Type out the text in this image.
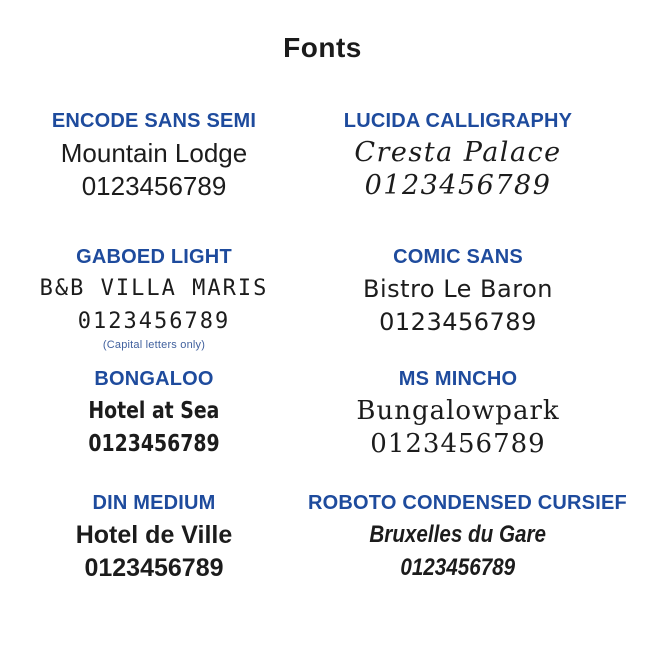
Fonts
ENCODE SANS SEMI
Mountain Lodge
0123456789
LUCIDA CALLIGRAPHY
Cresta Palace
0123456789
GABOED LIGHT
B&B VILLA MARIS
0123456789
(Capital letters only)
COMIC SANS
Bistro Le Baron
0123456789
BONGALOO
Hotel at Sea
0123456789
MS MINCHO
Bungalowpark
0123456789
DIN MEDIUM
Hotel de Ville
0123456789
ROBOTO CONDENSED CURSIEF
Bruxelles du Gare
0123456789
